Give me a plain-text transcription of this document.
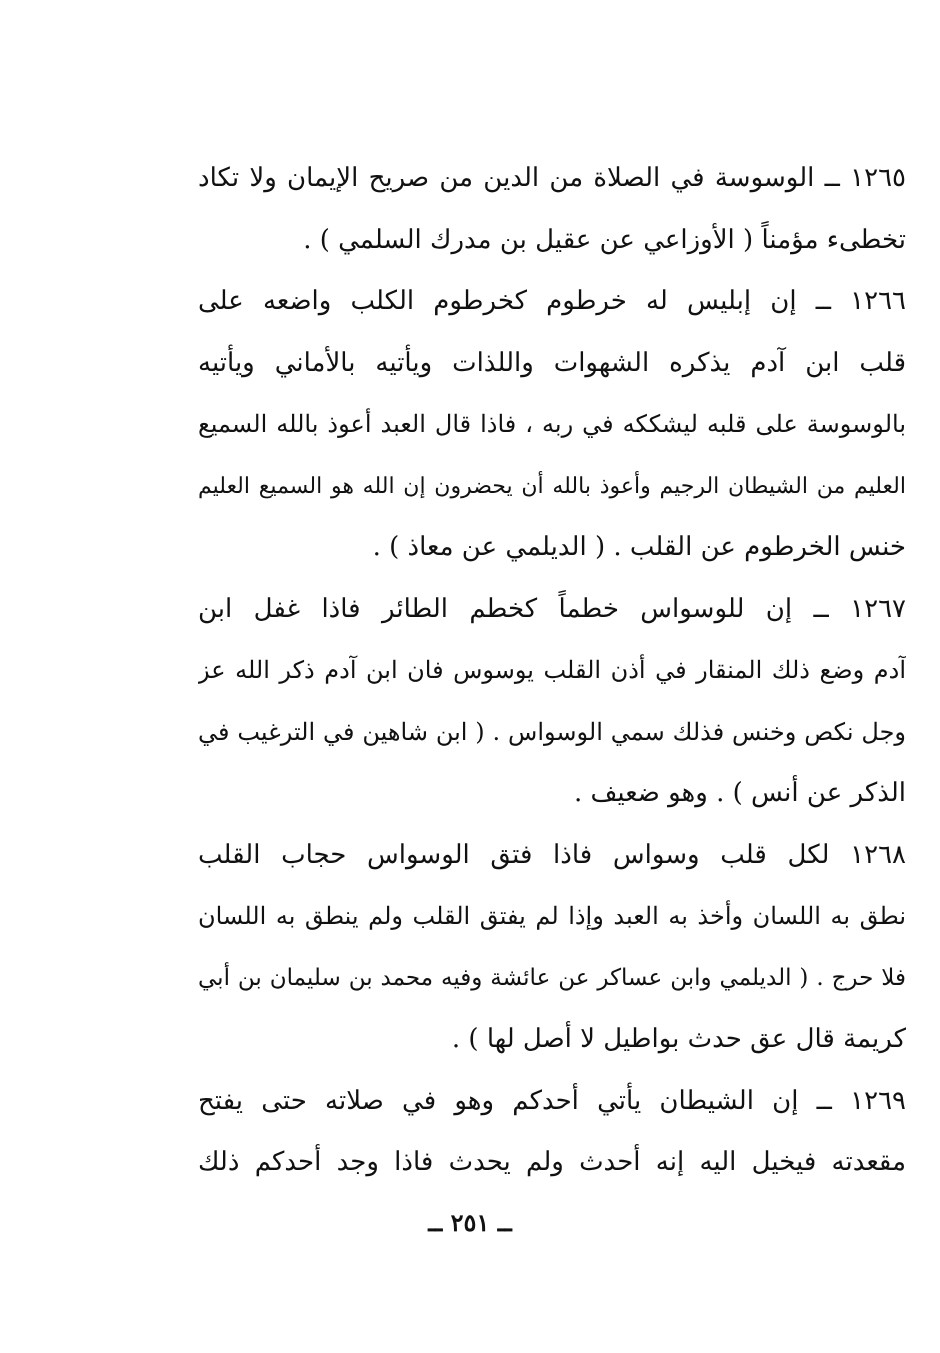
١٢٦٥ ــ الوسوسة في الصلاة من الدين من صريح الإيمان ولا تكاد
تخطىء مؤمناً ( الأوزاعي عن عقيل بن مدرك السلمي ) .
١٢٦٦ ــ إن إبليس له خرطوم كخرطوم الكلب واضعه على
قلب ابن آدم يذكره الشهوات واللذات ويأتيه بالأماني ويأتيه
بالوسوسة على قلبه ليشككه في ربه ، فاذا قال العبد أعوذ بالله السميع
العليم من الشيطان الرجيم وأعوذ بالله أن يحضرون إن الله هو السميع العليم
خنس الخرطوم عن القلب . ( الديلمي عن معاذ ) .
١٢٦٧ ــ إن للوسواس خطماً كخطم الطائر فاذا غفل ابن
آدم وضع ذلك المنقار في أذن القلب يوسوس فان ابن آدم ذكر الله عز
وجل نكص وخنس فذلك سمي الوسواس . ( ابن شاهين في الترغيب في
الذكر عن أنس ) . وهو ضعيف .
١٢٦٨ لكل قلب وسواس فاذا فتق الوسواس حجاب القلب
نطق به اللسان وأخذ به العبد وإذا لم يفتق القلب ولم ينطق به اللسان
فلا حرج . ( الديلمي وابن عساكر عن عائشة وفيه محمد بن سليمان بن أبي
كريمة قال عق حدث بواطيل لا أصل لها ) .
١٢٦٩ ــ إن الشيطان يأتي أحدكم وهو في صلاته حتى يفتح
مقعدته فيخيل اليه إنه أحدث ولم يحدث فاذا وجد أحدكم ذلك
ــ ٢٥١ ــ
